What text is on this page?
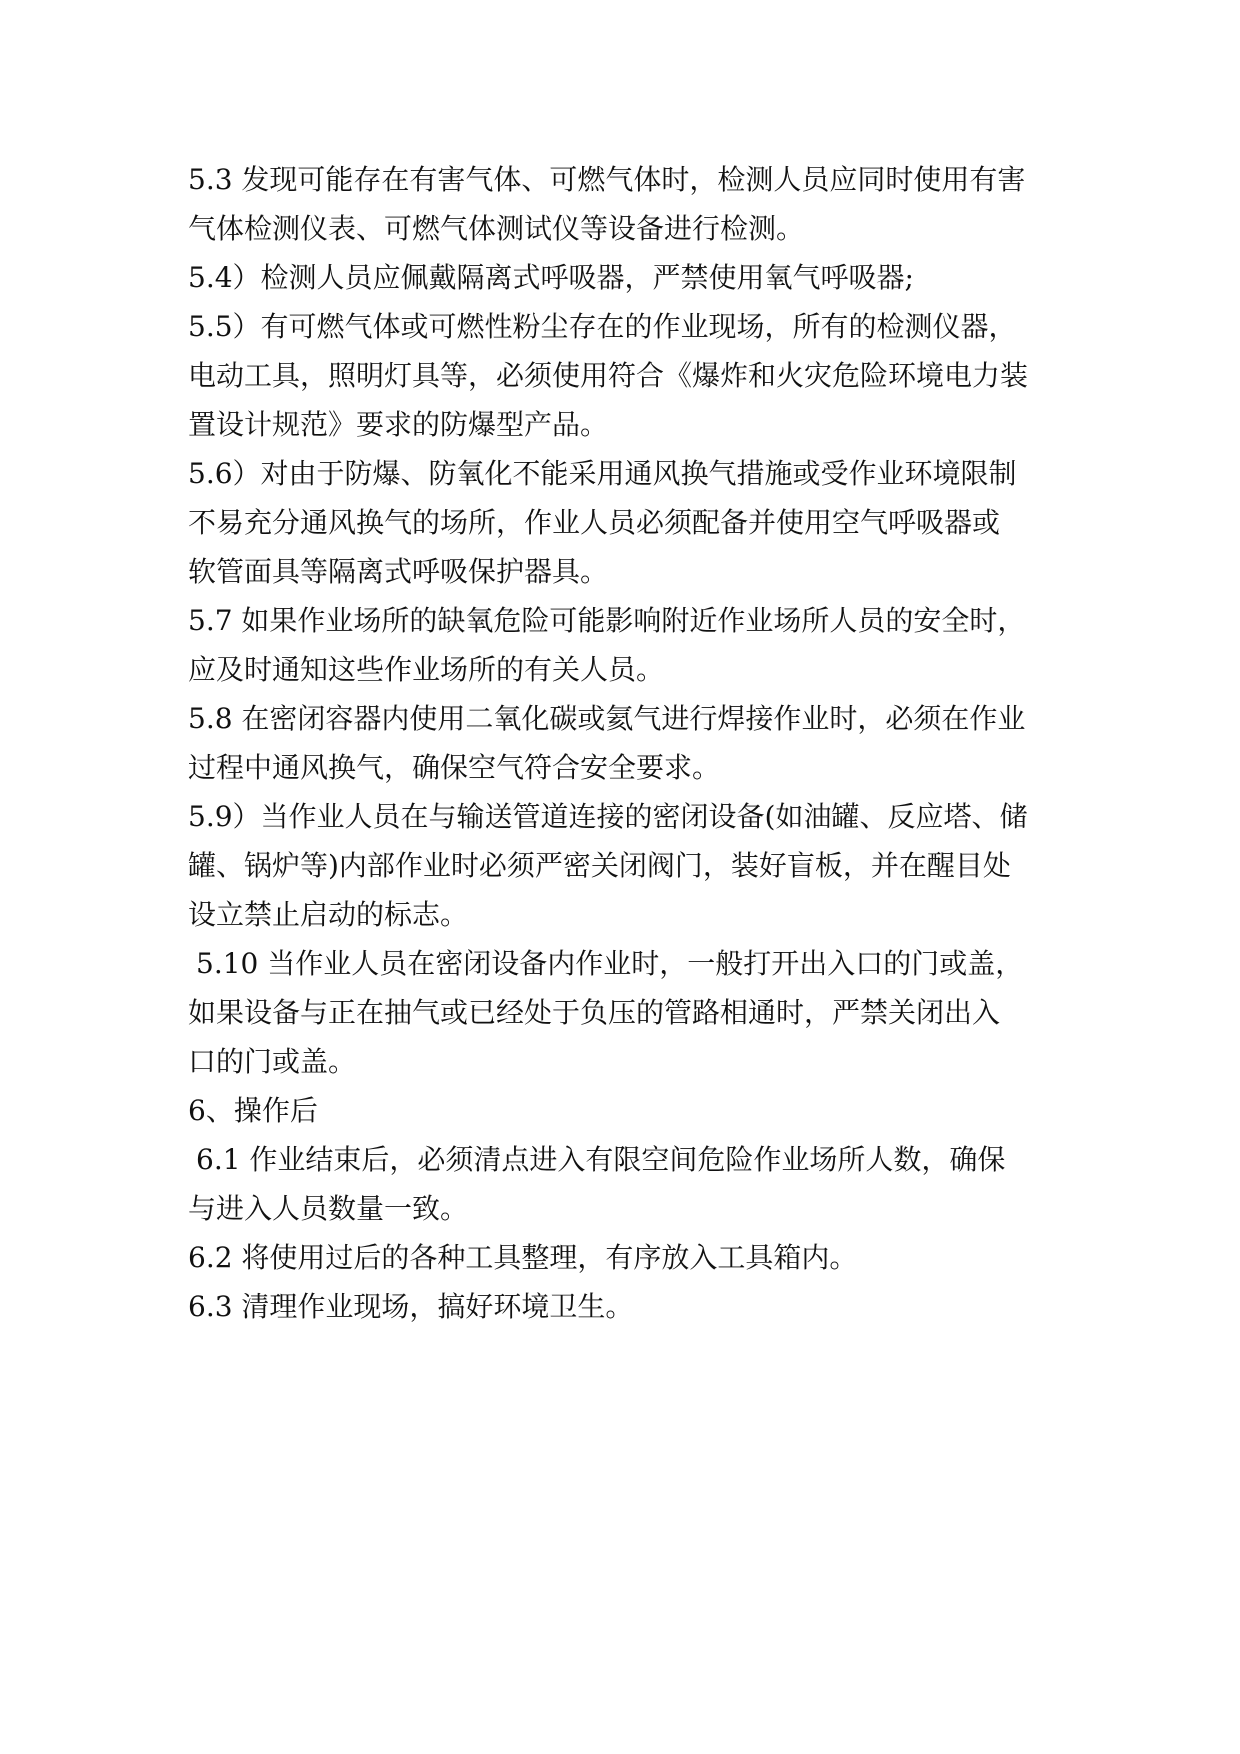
5.3 发现可能存在有害气体、可燃气体时，检测人员应同时使用有害
气体检测仪表、可燃气体测试仪等设备进行检测。
5.4）检测人员应佩戴隔离式呼吸器，严禁使用氧气呼吸器;
5.5）有可燃气体或可燃性粉尘存在的作业现场，所有的检测仪器，
电动工具，照明灯具等，必须使用符合《爆炸和火灾危险环境电力装
置设计规范》要求的防爆型产品。
5.6）对由于防爆、防氧化不能采用通风换气措施或受作业环境限制
不易充分通风换气的场所，作业人员必须配备并使用空气呼吸器或
软管面具等隔离式呼吸保护器具。
5.7 如果作业场所的缺氧危险可能影响附近作业场所人员的安全时，
应及时通知这些作业场所的有关人员。
5.8 在密闭容器内使用二氧化碳或氦气进行焊接作业时，必须在作业
过程中通风换气，确保空气符合安全要求。
5.9）当作业人员在与输送管道连接的密闭设备(如油罐、反应塔、储
罐、锅炉等)内部作业时必须严密关闭阀门，装好盲板，并在醒目处
设立禁止启动的标志。
5.10 当作业人员在密闭设备内作业时，一般打开出入口的门或盖，
如果设备与正在抽气或已经处于负压的管路相通时，严禁关闭出入
口的门或盖。
6、操作后
6.1 作业结束后，必须清点进入有限空间危险作业场所人数，确保
与进入人员数量一致。
6.2 将使用过后的各种工具整理，有序放入工具箱内。
6.3 清理作业现场，搞好环境卫生。
